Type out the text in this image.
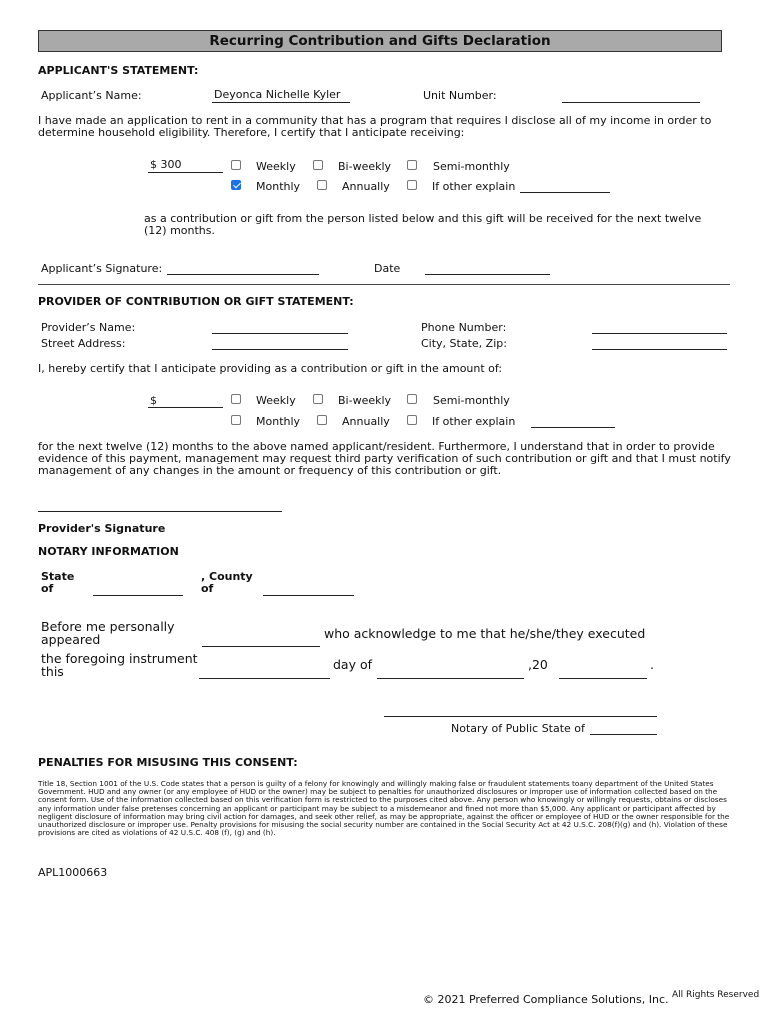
Recurring Contribution and Gifts Declaration
APPLICANT'S STATEMENT:
Applicant’s Name:	Deyonca Nichelle Kyler	Unit Number:
I have made an application to rent in a community that has a program that requires I disclose all of my income in order to determine household eligibility. Therefore, I certify that I anticipate receiving:
$ 300	Weekly	Bi-weekly	Semi-monthly
Monthly	Annually	If other explain
as a contribution or gift from the person listed below and this gift will be received for the next twelve (12) months.
Applicant’s Signature:	Date
PROVIDER OF CONTRIBUTION OR GIFT STATEMENT:
Provider’s Name:	Phone Number:
Street Address:	City, State, Zip:
I, hereby certify that I anticipate providing as a contribution or gift in the amount of:
$	Weekly	Bi-weekly	Semi-monthly
Monthly	Annually	If other explain
for the next twelve (12) months to the above named applicant/resident. Furthermore, I understand that in order to provide evidence of this payment, management may request third party verification of such contribution or gift and that I must notify management of any changes in the amount or frequency of this contribution or gift.
Provider's Signature
NOTARY INFORMATION
State of
, County of
Before me personally appeared	who acknowledge to me that he/she/they executed
the foregoing instrument this	day of	,20	.
Notary of Public State of
PENALTIES FOR MISUSING THIS CONSENT:
Title 18, Section 1001 of the U.S. Code states that a person is guilty of a felony for knowingly and willingly making false or fraudulent statements toany department of the United States Government. HUD and any owner (or any employee of HUD or the owner) may be subject to penalties for unauthorized disclosures or improper use of information collected based on the consent form. Use of the information collected based on this verification form is restricted to the purposes cited above. Any person who knowingly or willingly requests, obtains or discloses any information under false pretenses concerning an applicant or participant may be subject to a misdemeanor and fined not more than $5,000. Any applicant or participant affected by negligent disclosure of information may bring civil action for damages, and seek other relief, as may be appropriate, against the officer or employee of HUD or the owner responsible for the unauthorized disclosure or improper use. Penalty provisions for misusing the social security number are contained in the Social Security Act at 42 U.S.C. 208(f)(g) and (h). Violation of these provisions are cited as violations of 42 U.S.C. 408 (f), (g) and (h).
APL1000663
© 2021 Preferred Compliance Solutions, Inc. All Rights Reserved
